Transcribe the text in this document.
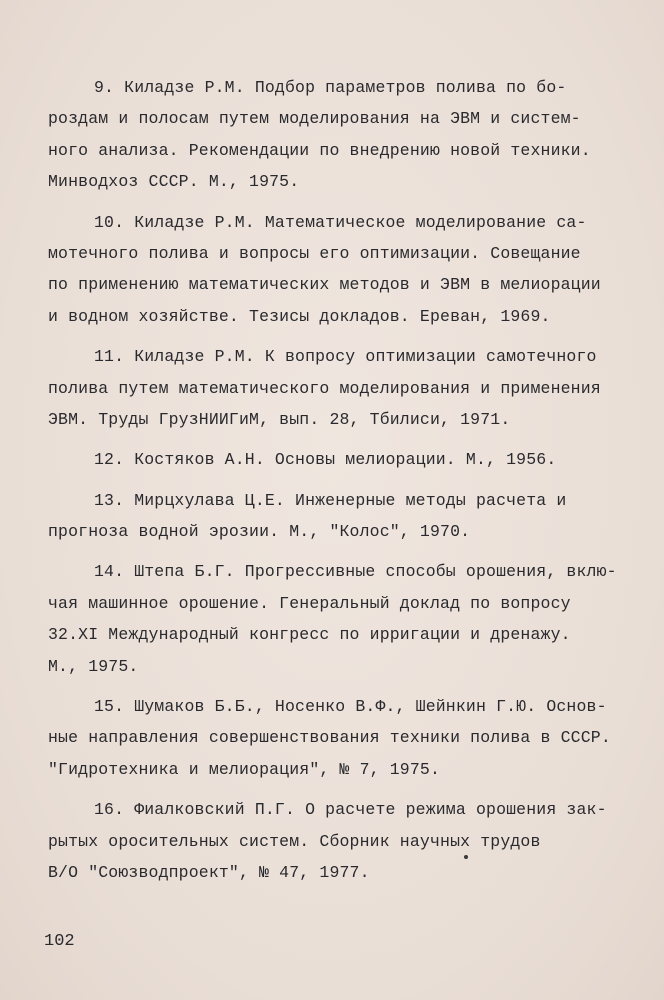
9. Киладзе Р.М. Подбор параметров полива по бо-
роздам и полосам путем моделирования на ЭВМ и систем-
ного анализа. Рекомендации по внедрению новой техники.
Минводхоз СССР. М., 1975.
10. Киладзе Р.М. Математическое моделирование са-
мотечного полива и вопросы его оптимизации. Совещание
по применению математических методов и ЭВМ в мелиорации
и водном хозяйстве. Тезисы докладов. Ереван, 1969.
11. Киладзе Р.М. К вопросу оптимизации самотечного
полива путем математического моделирования и применения
ЭВМ. Труды ГрузНИИГиМ, вып. 28, Тбилиси, 1971.
12. Костяков А.Н. Основы мелиорации. М., 1956.
13. Мирцхулава Ц.Е. Инженерные методы расчета и
прогноза водной эрозии. М., "Колос", 1970.
14. Штепа Б.Г. Прогрессивные способы орошения, вклю-
чая машинное орошение. Генеральный доклад по вопросу
32.XI Международный конгресс по ирригации и дренажу.
М., 1975.
15. Шумаков Б.Б., Носенко В.Ф., Шейнкин Г.Ю. Основ-
ные направления совершенствования техники полива в СССР.
"Гидротехника и мелиорация", № 7, 1975.
16. Фиалковский П.Г. О расчете режима орошения зак-
рытых оросительных систем. Сборник научных трудов
В/О "Союзводпроект", № 47, 1977.
102
